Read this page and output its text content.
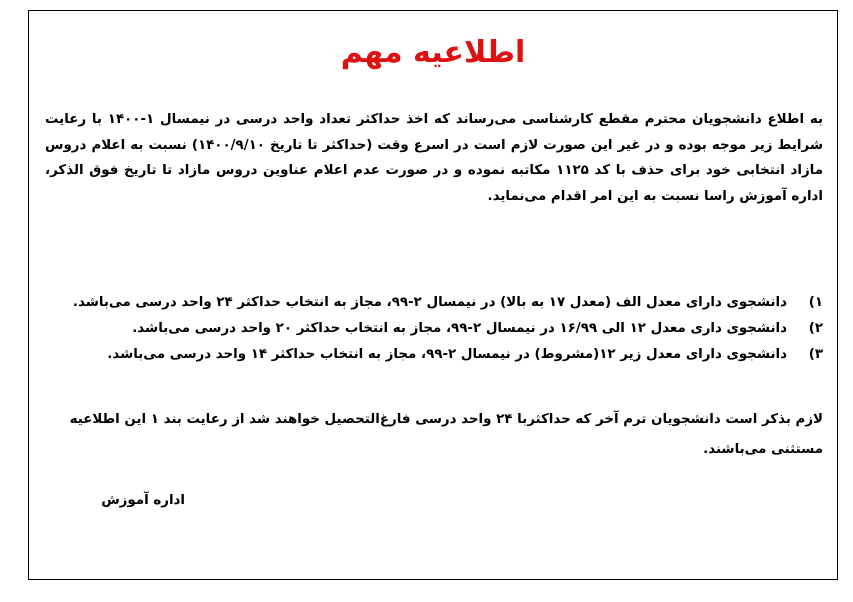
اطلاعیه مهم

به اطلاع دانشجویان محترم مقطع کارشناسی می‌رساند که اخذ حداکثر تعداد واحد درسی در نیمسال ۱-۱۴۰۰ با رعایت شرایط زیر موجه بوده و در غیر این صورت لازم است در اسرع وقت (حداکثر تا تاریخ ۱۴۰۰/۹/۱۰) نسبت به اعلام دروس مازاد انتخابی خود برای حذف با کد ۱۱۲۵ مکاتبه نموده و در صورت عدم اعلام عناوین دروس مازاد تا تاریخ فوق الذکر، اداره آموزش راسا نسبت به این امر اقدام می‌نماید.

۱)
دانشجوی دارای معدل الف (معدل ۱۷ به بالا) در نیمسال ۲-۹۹، مجاز به انتخاب حداکثر ۲۴ واحد درسی می‌باشد.
۲)
دانشجوی داری معدل ۱۲ الی ۱۶/۹۹ در نیمسال ۲-۹۹، مجاز به انتخاب حداکثر ۲۰ واحد درسی می‌باشد.
۳)
دانشجوی دارای معدل زیر ۱۲(مشروط) در نیمسال ۲-۹۹، مجاز به انتخاب حداکثر ۱۴ واحد درسی می‌باشد.

لازم بذکر است دانشجویان ترم آخر که حداکثربا ۲۴ واحد درسی فارغ‌التحصیل خواهند شد از رعایت بند ۱ این اطلاعیه مستثنی می‌باشند.

اداره آموزش
